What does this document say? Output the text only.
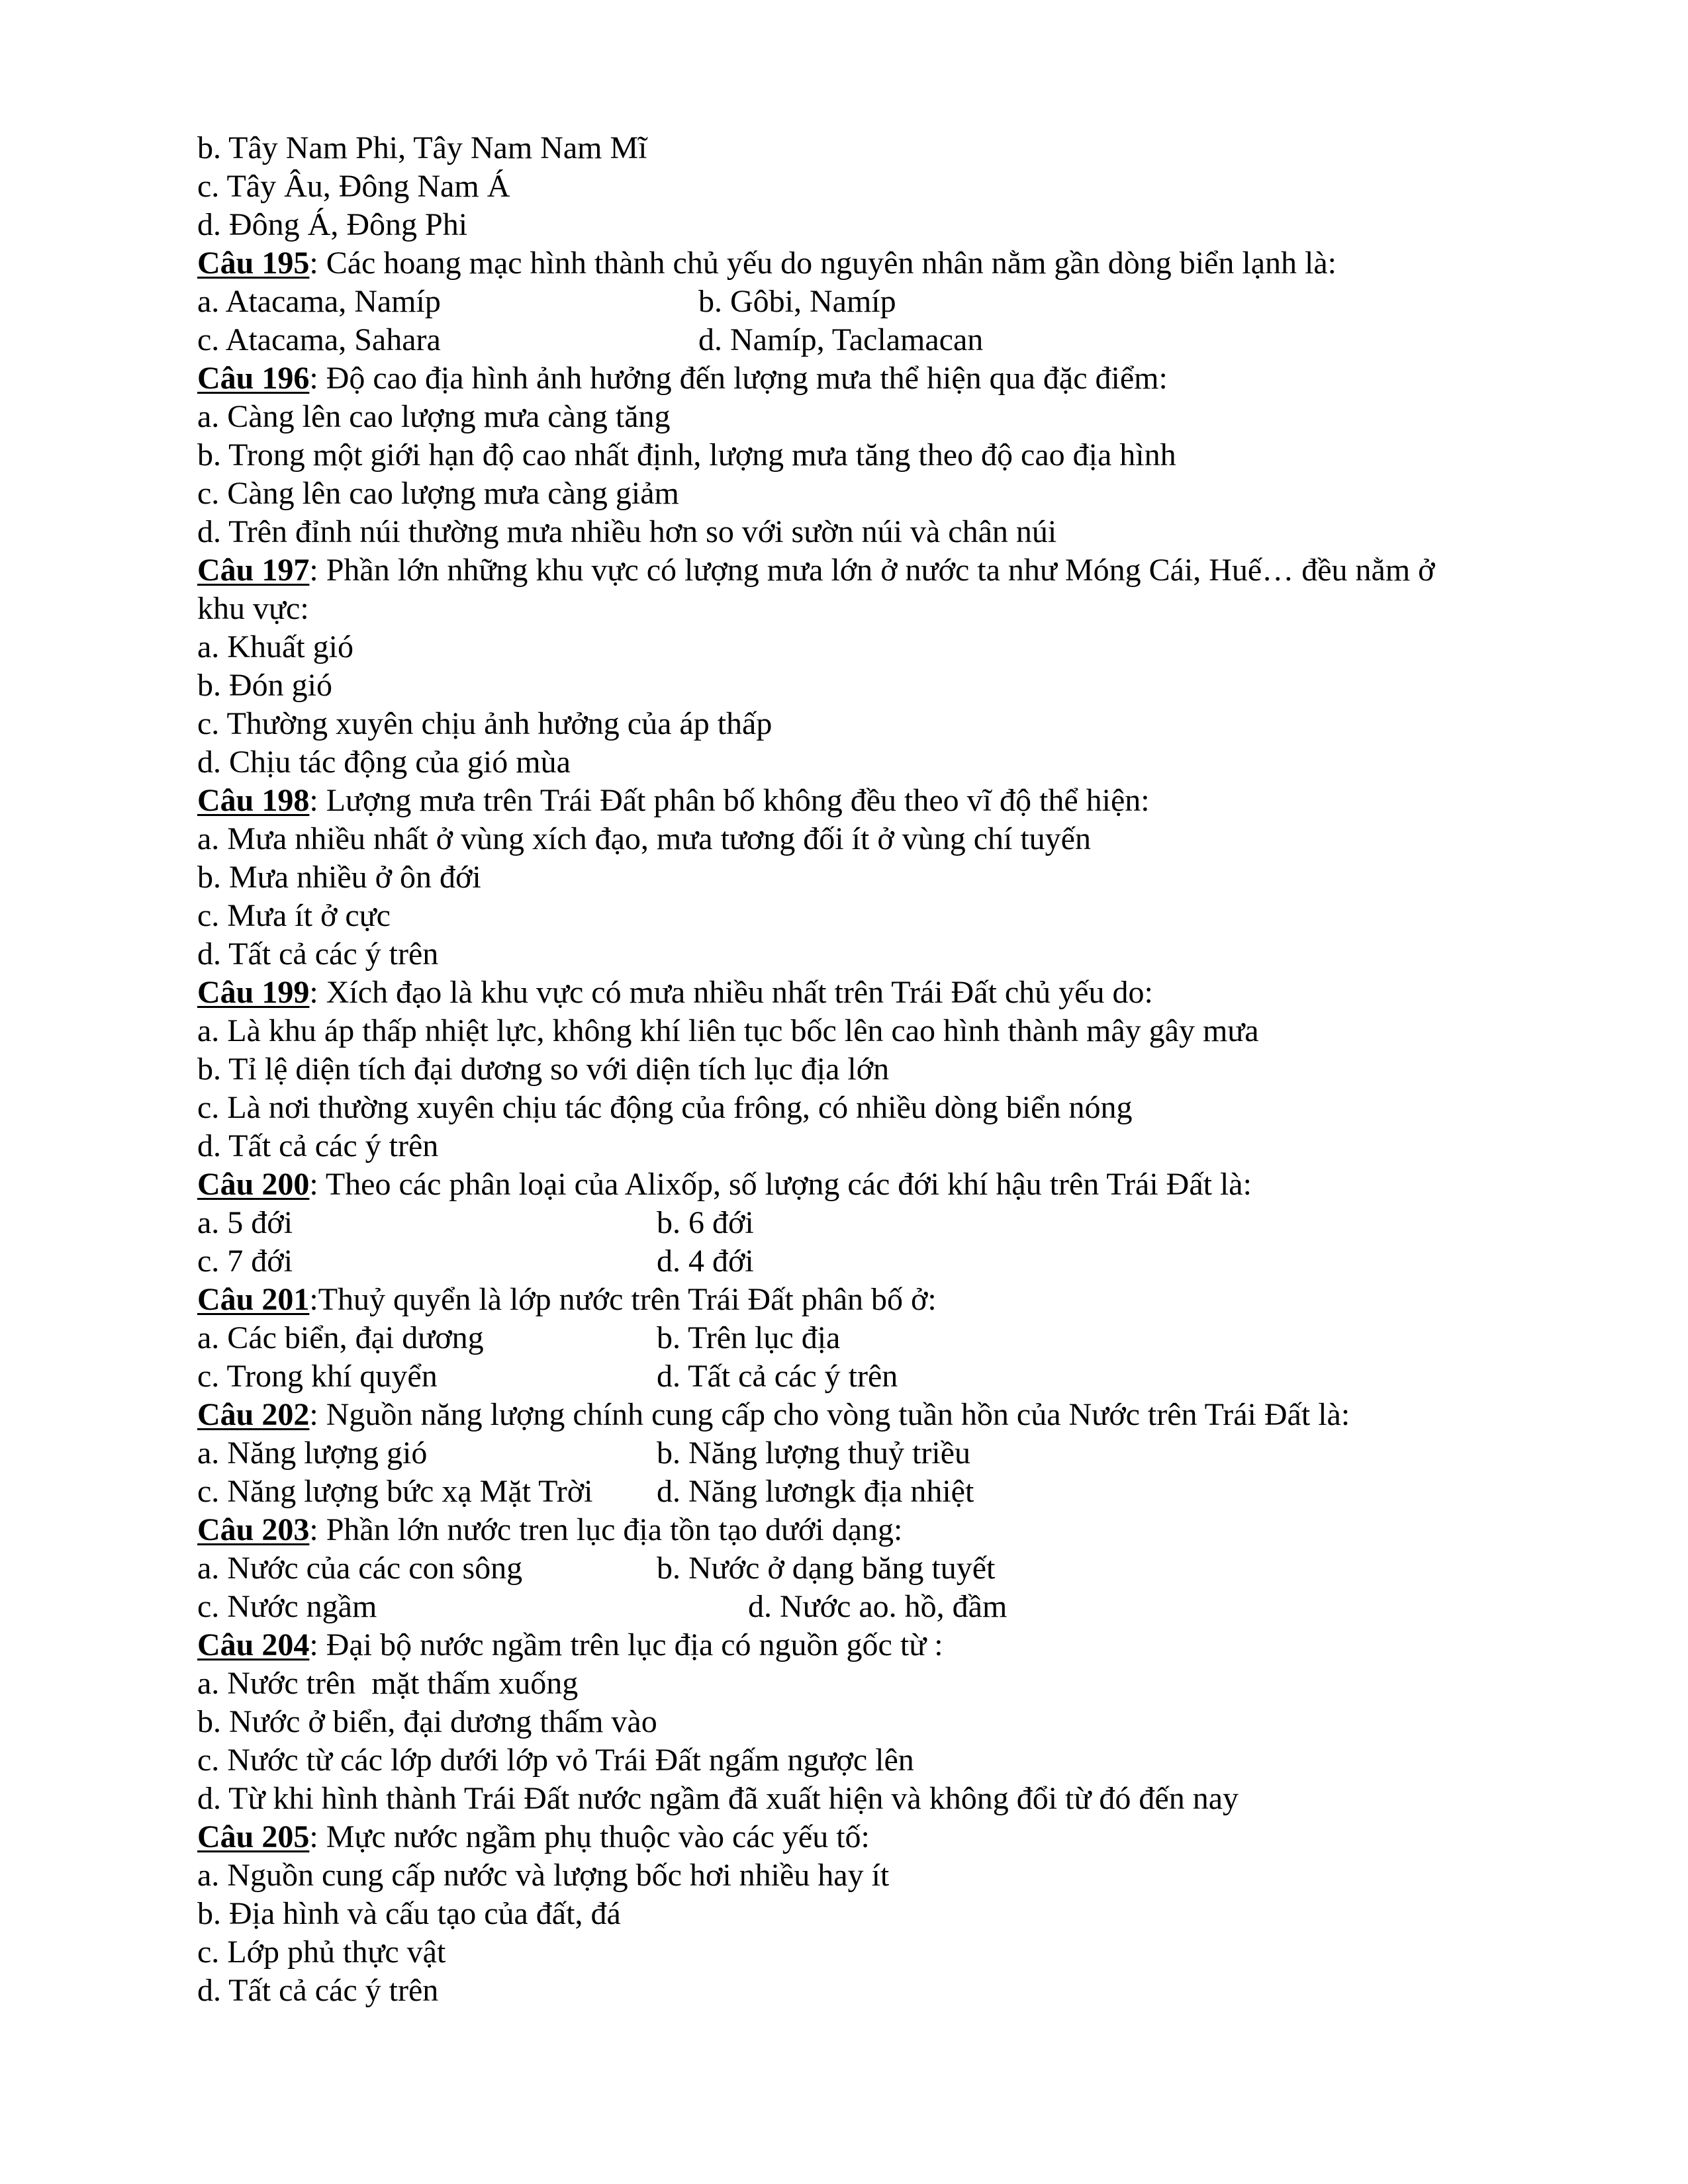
b. Tây Nam Phi, Tây Nam Nam Mĩ
c. Tây Âu, Đông Nam Á
d. Đông Á, Đông Phi
Câu 195: Các hoang mạc hình thành chủ yếu do nguyên nhân nằm gần dòng biển lạnh là:
a. Atacama, Namíp	b. Gôbi, Namíp
c. Atacama, Sahara	d. Namíp, Taclamacan
Câu 196: Độ cao địa hình ảnh hưởng đến lượng mưa thể hiện qua đặc điểm:
a. Càng lên cao lượng mưa càng tăng
b. Trong một giới hạn độ cao nhất định, lượng mưa tăng theo độ cao địa hình
c. Càng lên cao lượng mưa càng giảm
d. Trên đỉnh núi thường mưa nhiều hơn so với sườn núi và chân núi
Câu 197: Phần lớn những khu vực có lượng mưa lớn ở nước ta như Móng Cái, Huế… đều nằm ở
khu vực:
a. Khuất gió
b. Đón gió
c. Thường xuyên chịu ảnh hưởng của áp thấp
d. Chịu tác động của gió mùa
Câu 198: Lượng mưa trên Trái Đất phân bố không đều theo vĩ độ thể hiện:
a. Mưa nhiều nhất ở vùng xích đạo, mưa tương đối ít ở vùng chí tuyến
b. Mưa nhiều ở ôn đới
c. Mưa ít ở cực
d. Tất cả các ý trên
Câu 199: Xích đạo là khu vực có mưa nhiều nhất trên Trái Đất chủ yếu do:
a. Là khu áp thấp nhiệt lực, không khí liên tục bốc lên cao hình thành mây gây mưa
b. Tỉ lệ diện tích đại dương so với diện tích lục địa lớn
c. Là nơi thường xuyên chịu tác động của frông, có nhiều dòng biển nóng
d. Tất cả các ý trên
Câu 200: Theo các phân loại của Alixốp, số lượng các đới khí hậu trên Trái Đất là:
a. 5 đới	b. 6 đới
c. 7 đới	d. 4 đới
Câu 201:Thuỷ quyển là lớp nước trên Trái Đất phân bố ở:
a. Các biển, đại dương	b. Trên lục địa
c. Trong khí quyển	d. Tất cả các ý trên
Câu 202: Nguồn năng lượng chính cung cấp cho vòng tuần hồn của Nước trên Trái Đất là:
a. Năng lượng gió	b. Năng lượng thuỷ triều
c. Năng lượng bức xạ Mặt Trời d. Năng lươngk địa nhiệt
Câu 203: Phần lớn nước tren lục địa tồn tạo dưới dạng:
a. Nước của các con sông	b. Nước ở dạng băng tuyết
c. Nước ngầm	d. Nước ao. hồ, đầm
Câu 204: Đại bộ nước ngầm trên lục địa có nguồn gốc từ :
a. Nước trên  mặt thấm xuống
b. Nước ở biển, đại dương thấm vào
c. Nước từ các lớp dưới lớp vỏ Trái Đất ngấm ngược lên
d. Từ khi hình thành Trái Đất nước ngầm đã xuất hiện và không đổi từ đó đến nay
Câu 205: Mực nước ngầm phụ thuộc vào các yếu tố:
a. Nguồn cung cấp nước và lượng bốc hơi nhiều hay ít
b. Địa hình và cấu tạo của đất, đá
c. Lớp phủ thực vật
d. Tất cả các ý trên
